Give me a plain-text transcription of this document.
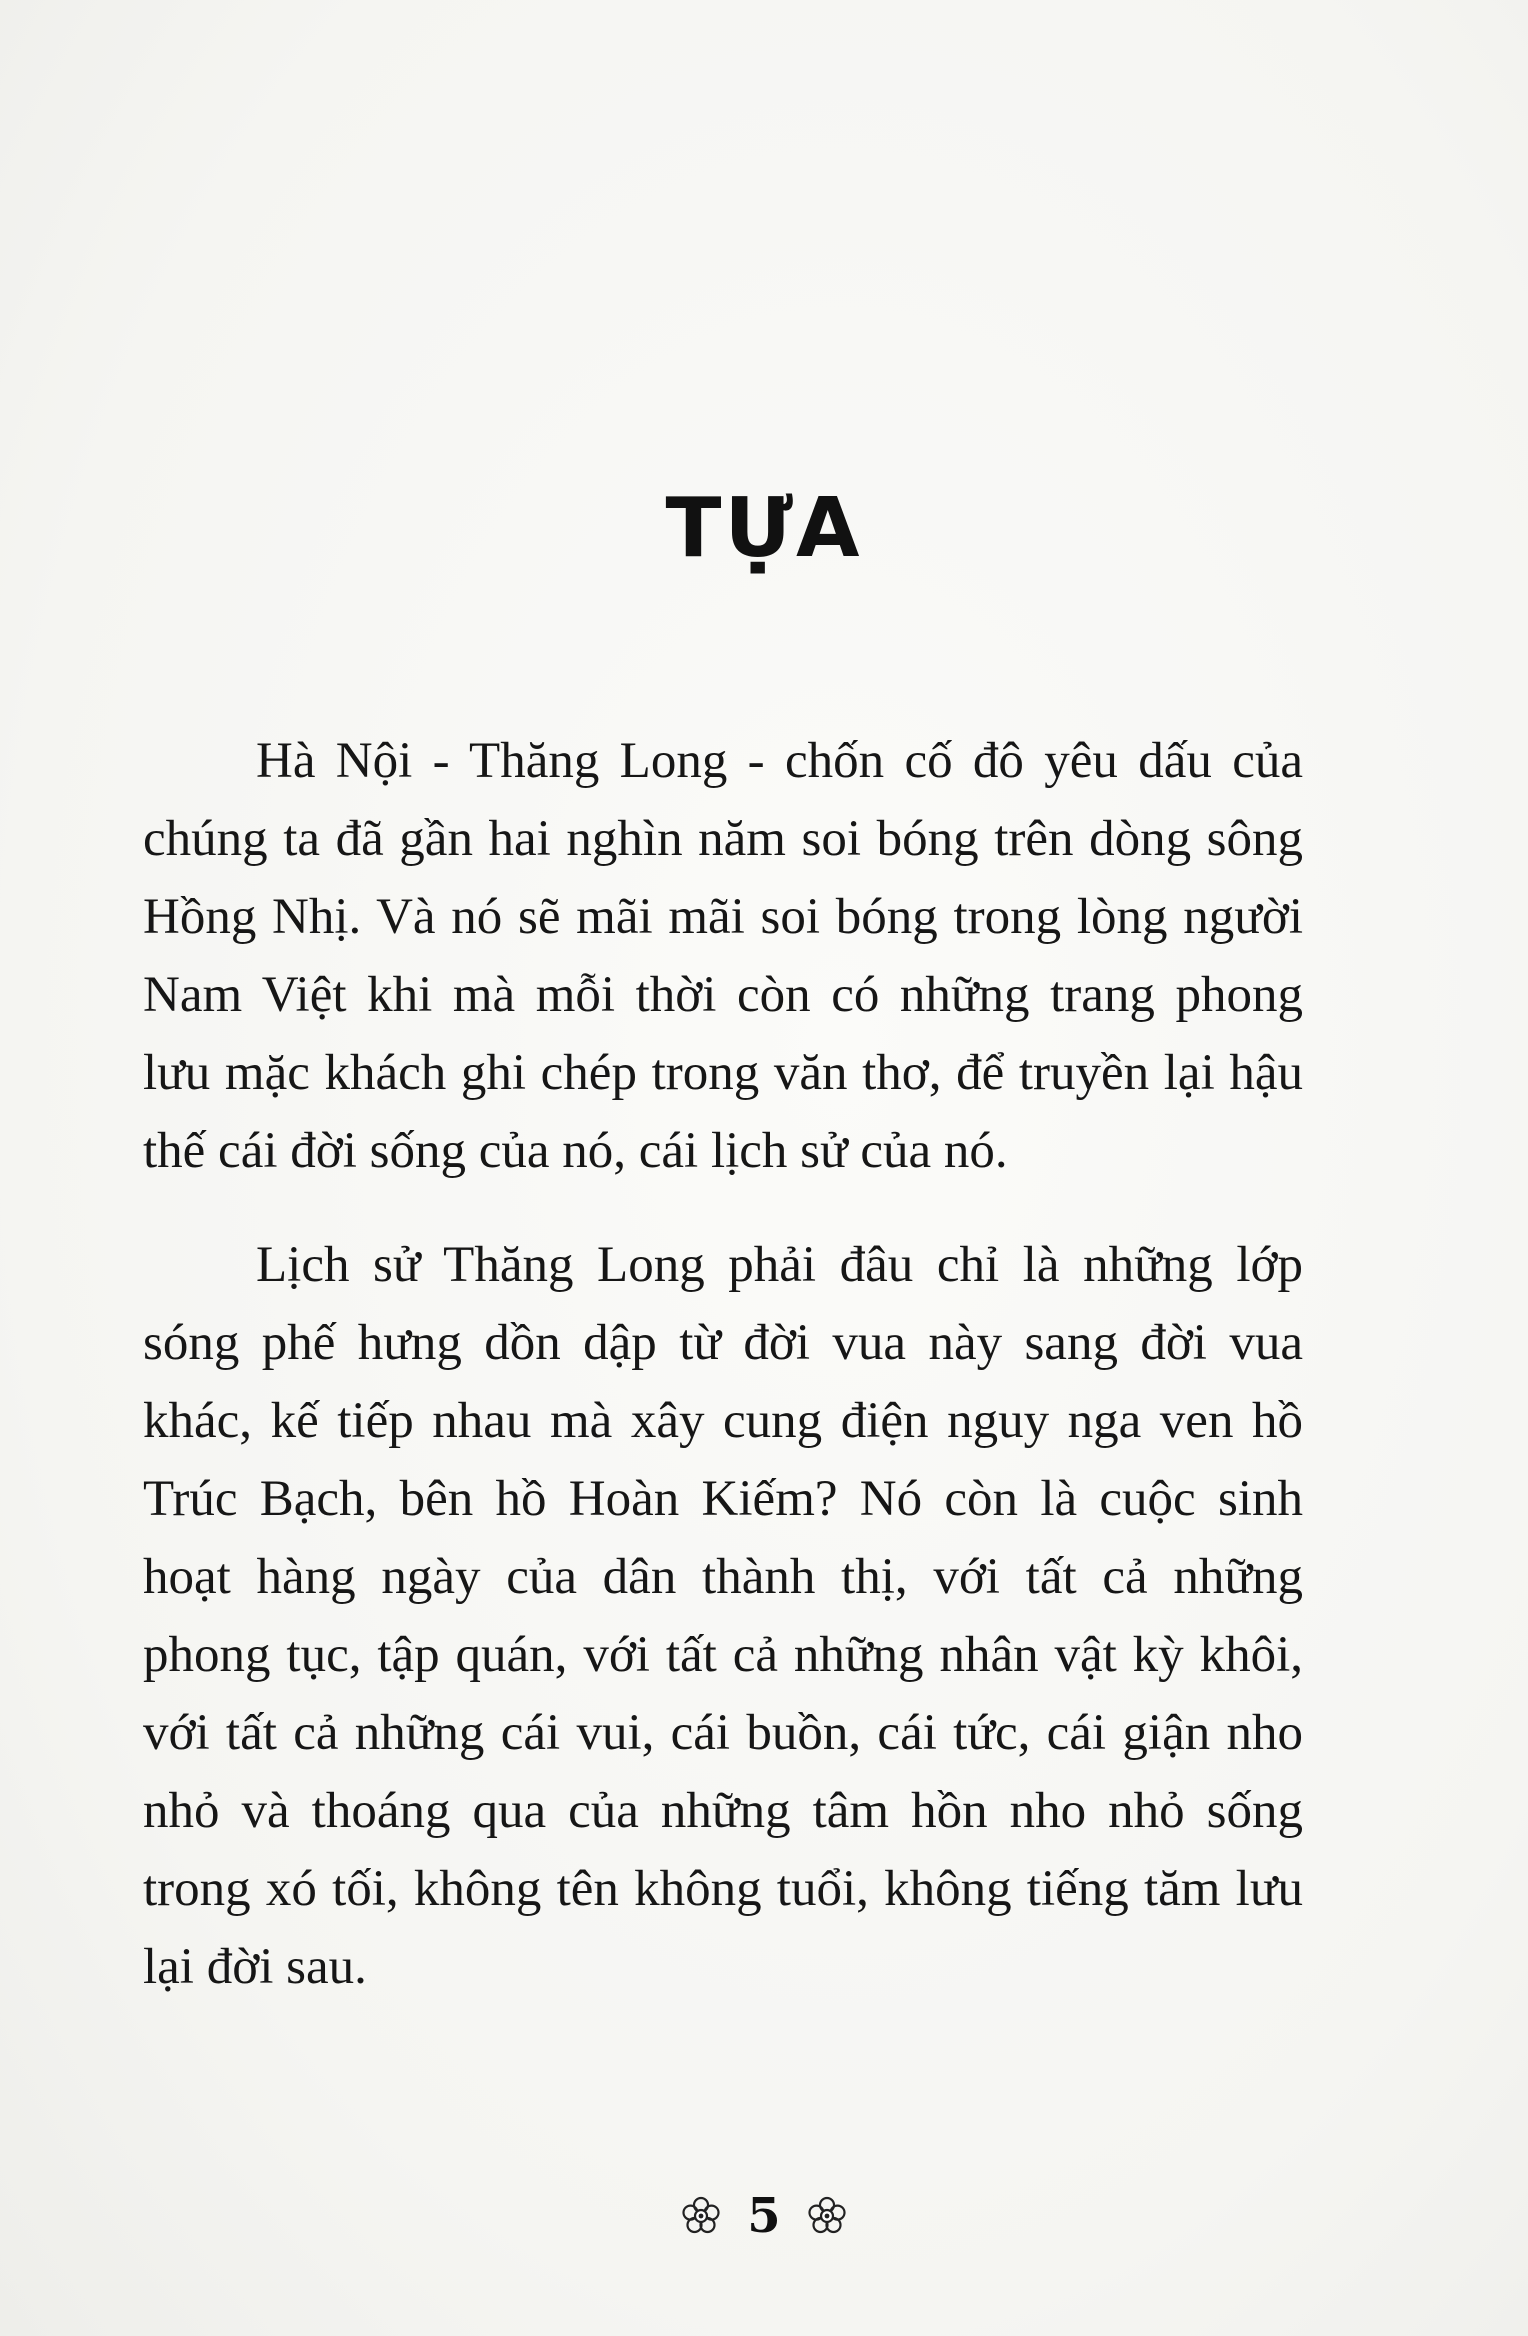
TỰA

Hà Nội - Thăng Long - chốn cố đô yêu dấu của chúng ta đã gần hai nghìn năm soi bóng trên dòng sông Hồng Nhị. Và nó sẽ mãi mãi soi bóng trong lòng người Nam Việt khi mà mỗi thời còn có những trang phong lưu mặc khách ghi chép trong văn thơ, để truyền lại hậu thế cái đời sống của nó, cái lịch sử của nó.

Lịch sử Thăng Long phải đâu chỉ là những lớp sóng phế hưng dồn dập từ đời vua này sang đời vua khác, kế tiếp nhau mà xây cung điện nguy nga ven hồ Trúc Bạch, bên hồ Hoàn Kiếm? Nó còn là cuộc sinh hoạt hàng ngày của dân thành thị, với tất cả những phong tục, tập quán, với tất cả những nhân vật kỳ khôi, với tất cả những cái vui, cái buồn, cái tức, cái giận nho nhỏ và thoáng qua của những tâm hồn nho nhỏ sống trong xó tối, không tên không tuổi, không tiếng tăm lưu lại đời sau.

5
